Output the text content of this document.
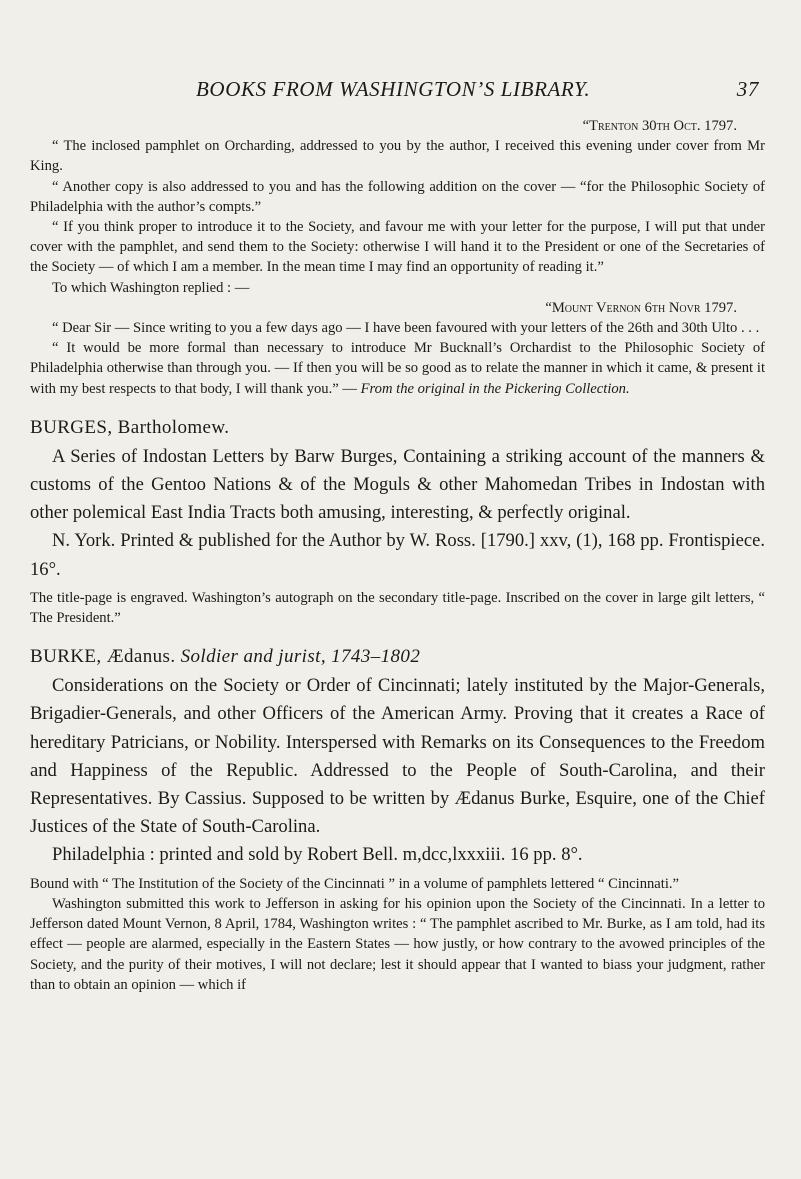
BOOKS FROM WASHINGTON’S LIBRARY.	37

“Trenton 30th Oct. 1797.

“ The inclosed pamphlet on Orcharding, addressed to you by the author, I received this evening under cover from Mr King.

“ Another copy is also addressed to you and has the following addition on the cover — “for the Philosophic Society of Philadelphia with the author’s compts.”

“ If you think proper to introduce it to the Society, and favour me with your letter for the purpose, I will put that under cover with the pamphlet, and send them to the Society: otherwise I will hand it to the President or one of the Secretaries of the Society — of which I am a member. In the mean time I may find an opportunity of reading it.”

To which Washington replied : —

“Mount Vernon 6th Novr 1797.

“ Dear Sir — Since writing to you a few days ago — I have been favoured with your letters of the 26th and 30th Ulto . . .

“ It would be more formal than necessary to introduce Mr Bucknall’s Orchardist to the Philosophic Society of Philadelphia otherwise than through you. — If then you will be so good as to relate the manner in which it came, & present it with my best respects to that body, I will thank you.” — From the original in the Pickering Collection.

BURGES, Bartholomew.

A Series of Indostan Letters by Barw Burges, Containing a striking account of the manners & customs of the Gentoo Nations & of the Moguls & other Mahomedan Tribes in Indostan with other polemical East India Tracts both amusing, interesting, & perfectly original.

N. York. Printed & published for the Author by W. Ross. [1790.] xxv, (1), 168 pp. Frontispiece. 16°.

The title-page is engraved. Washington’s autograph on the secondary title-page. Inscribed on the cover in large gilt letters, “ The President.”

BURKE, Ædanus. Soldier and jurist, 1743–1802

Considerations on the Society or Order of Cincinnati; lately instituted by the Major-Generals, Brigadier-Generals, and other Officers of the American Army. Proving that it creates a Race of hereditary Patricians, or Nobility. Interspersed with Remarks on its Consequences to the Freedom and Happiness of the Republic. Addressed to the People of South-Carolina, and their Representatives. By Cassius. Supposed to be written by Ædanus Burke, Esquire, one of the Chief Justices of the State of South-Carolina.

Philadelphia : printed and sold by Robert Bell. m,dcc,lxxxiii. 16 pp. 8°.

Bound with “ The Institution of the Society of the Cincinnati ” in a volume of pamphlets lettered “ Cincinnati.”

Washington submitted this work to Jefferson in asking for his opinion upon the Society of the Cincinnati. In a letter to Jefferson dated Mount Vernon, 8 April, 1784, Washington writes : “ The pamphlet ascribed to Mr. Burke, as I am told, had its effect — people are alarmed, especially in the Eastern States — how justly, or how contrary to the avowed principles of the Society, and the purity of their motives, I will not declare; lest it should appear that I wanted to biass your judgment, rather than to obtain an opinion — which if
